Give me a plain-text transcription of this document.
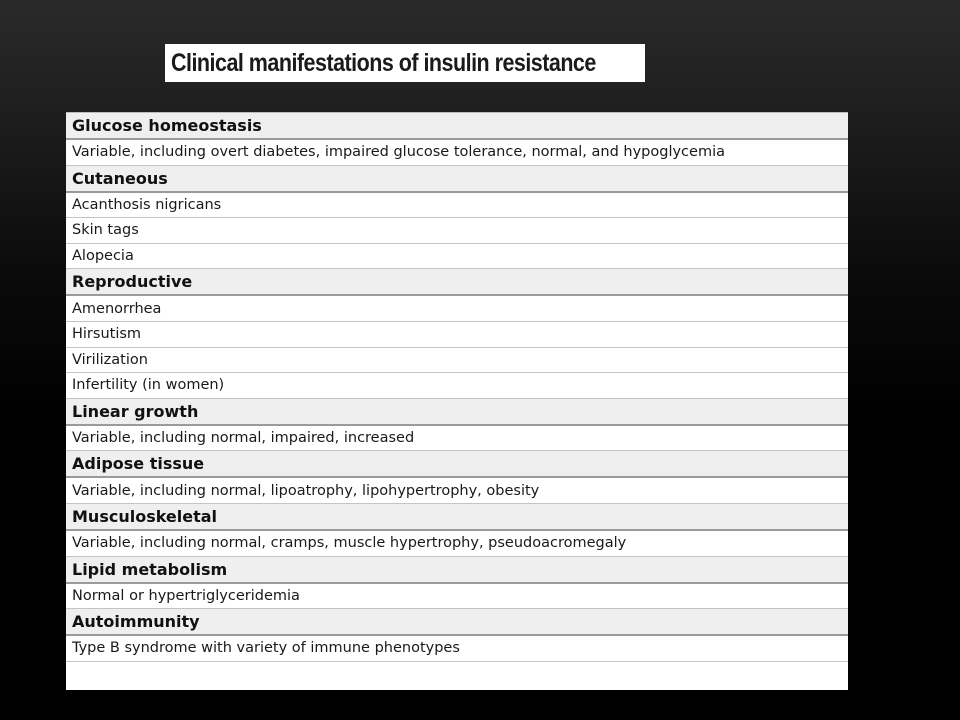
Clinical manifestations of insulin resistance
Glucose homeostasis
Variable, including overt diabetes, impaired glucose tolerance, normal, and hypoglycemia
Cutaneous
Acanthosis nigricans
Skin tags
Alopecia
Reproductive
Amenorrhea
Hirsutism
Virilization
Infertility (in women)
Linear growth
Variable, including normal, impaired, increased
Adipose tissue
Variable, including normal, lipoatrophy, lipohypertrophy, obesity
Musculoskeletal
Variable, including normal, cramps, muscle hypertrophy, pseudoacromegaly
Lipid metabolism
Normal or hypertriglyceridemia
Autoimmunity
Type B syndrome with variety of immune phenotypes
